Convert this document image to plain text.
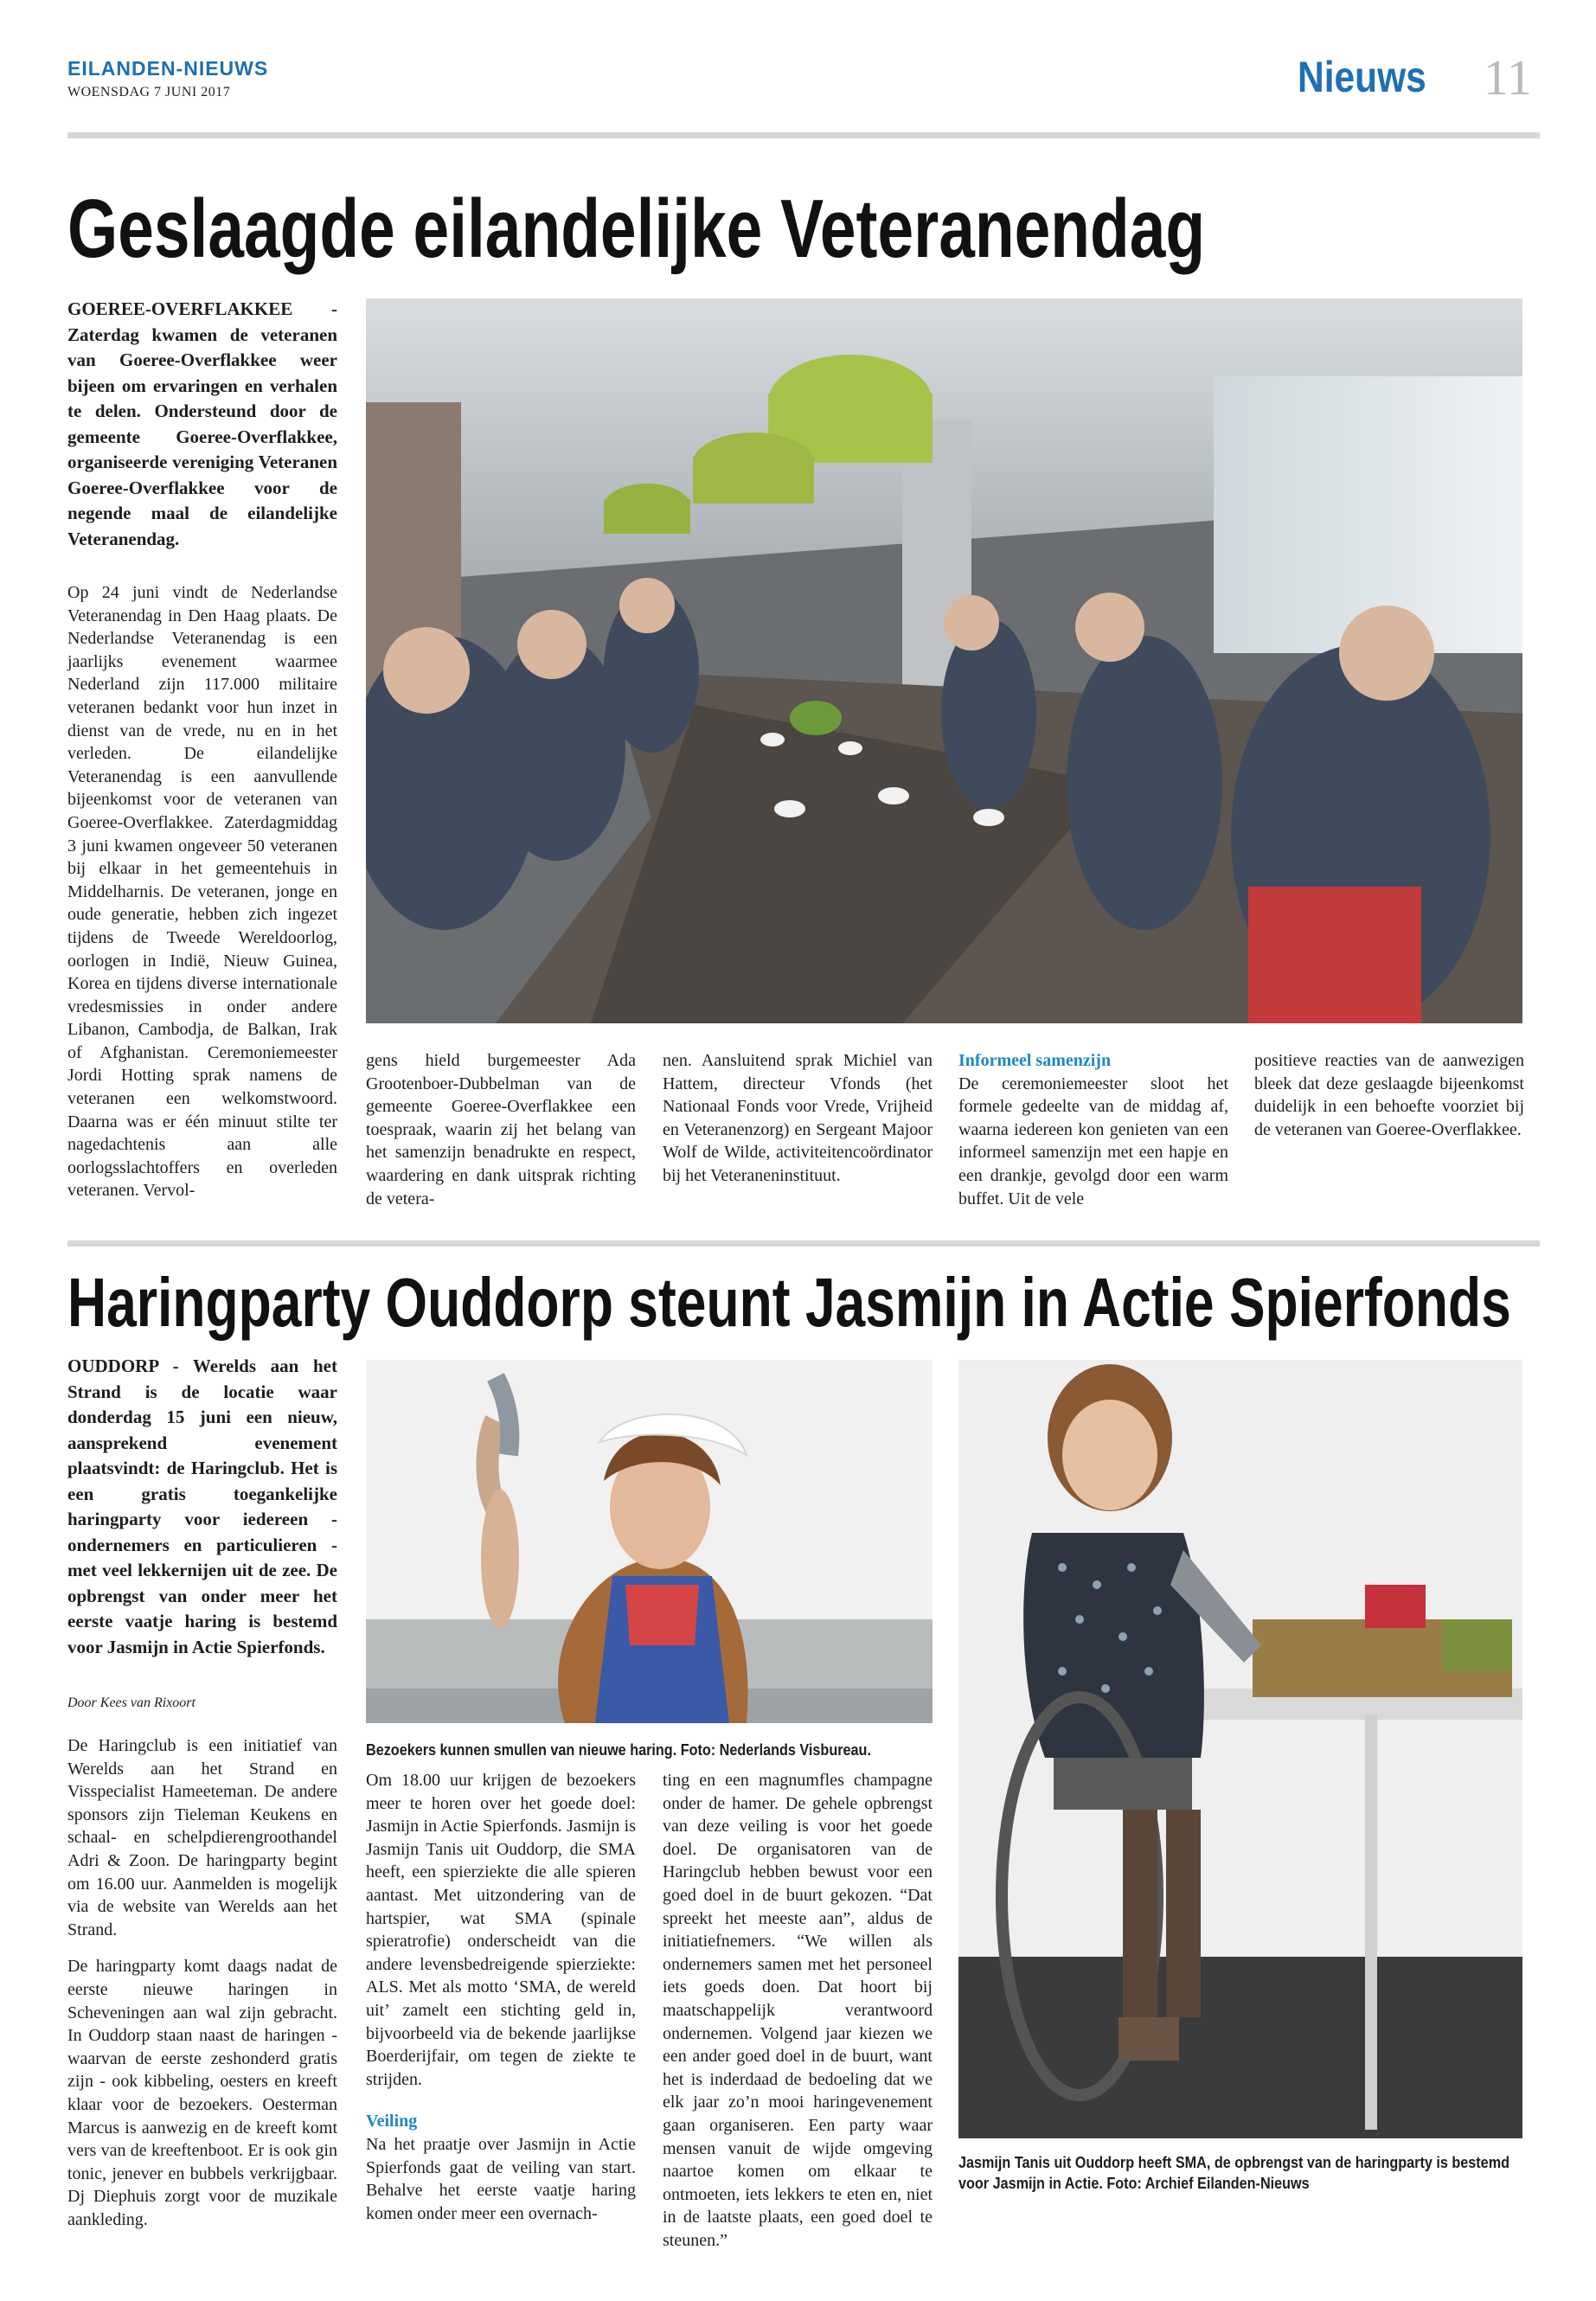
EILANDEN-NIEUWS
WOENSDAG 7 JUNI 2017	Nieuws 11
Geslaagde eilandelijke Veteranendag
GOEREE-OVERFLAKKEE - Zaterdag kwamen de veteranen van Goeree-Overflakkee weer bijeen om ervaringen en verhalen te delen. Ondersteund door de gemeente Goeree-Overflakkee, organiseerde vereniging Veteranen Goeree-Overflakkee voor de negende maal de eilandelijke Veteranendag.

Op 24 juni vindt de Nederlandse Veteranendag in Den Haag plaats. De Nederlandse Veteranendag is een jaarlijks evenement waarmee Nederland zijn 117.000 militaire veteranen bedankt voor hun inzet in dienst van de vrede, nu en in het verleden. De eilandelijke Veteranendag is een aanvullende bijeenkomst voor de veteranen van Goeree-Overflakkee. Zaterdagmiddag 3 juni kwamen ongeveer 50 veteranen bij elkaar in het gemeentehuis in Middelharnis. De veteranen, jonge en oude generatie, hebben zich ingezet tijdens de Tweede Wereldoorlog, oorlogen in Indië, Nieuw Guinea, Korea en tijdens diverse internationale vredesmissies in onder andere Libanon, Cambodja, de Balkan, Irak of Afghanistan. Ceremoniemeester Jordi Hotting sprak namens de veteranen een welkomstwoord. Daarna was er één minuut stilte ter nagedachtenis aan alle oorlogsslachtoffers en overleden veteranen. Vervol-

gens hield burgemeester Ada Grootenboer-Dubbelman van de gemeente Goeree-Overflakkee een toespraak, waarin zij het belang van het samenzijn benadrukte en respect, waardering en dank uitsprak richting de vetera-

nen. Aansluitend sprak Michiel van Hattem, directeur Vfonds (het Nationaal Fonds voor Vrede, Vrijheid en Veteranenzorg) en Sergeant Majoor Wolf de Wilde, activiteitencoördinator bij het Veteraneninstituut.

Informeel samenzijn
De ceremoniemeester sloot het formele gedeelte van de middag af, waarna iedereen kon genieten van een informeel samenzijn met een hapje en een drankje, gevolgd door een warm buffet. Uit de vele

positieve reacties van de aanwezigen bleek dat deze geslaagde bijeenkomst duidelijk in een behoefte voorziet bij de veteranen van Goeree-Overflakkee.

Haringparty Ouddorp steunt Jasmijn in Actie Spierfonds
OUDDORP - Werelds aan het Strand is de locatie waar donderdag 15 juni een nieuw, aansprekend evenement plaatsvindt: de Haringclub. Het is een gratis toegankelijke haringparty voor iedereen - ondernemers en particulieren - met veel lekkernijen uit de zee. De opbrengst van onder meer het eerste vaatje haring is bestemd voor Jasmijn in Actie Spierfonds.
Door Kees van Rixoort
Bezoekers kunnen smullen van nieuwe haring. Foto: Nederlands Visbureau.
Jasmijn Tanis uit Ouddorp heeft SMA, de opbrengst van de haringparty is bestemd voor Jasmijn in Actie. Foto: Archief Eilanden-Nieuws

De Haringclub is een initiatief van Werelds aan het Strand en Visspecialist Hameeteman. De andere sponsors zijn Tieleman Keukens en schaal- en schelpdierengroothandel Adri & Zoon. De haringparty begint om 16.00 uur. Aanmelden is mogelijk via de website van Werelds aan het Strand.

De haringparty komt daags nadat de eerste nieuwe haringen in Scheveningen aan wal zijn gebracht. In Ouddorp staan naast de haringen - waarvan de eerste zeshonderd gratis zijn - ook kibbeling, oesters en kreeft klaar voor de bezoekers. Oesterman Marcus is aanwezig en de kreeft komt vers van de kreeftenboot. Er is ook gin tonic, jenever en bubbels verkrijgbaar. Dj Diephuis zorgt voor de muzikale aankleding.

Om 18.00 uur krijgen de bezoekers meer te horen over het goede doel: Jasmijn in Actie Spierfonds. Jasmijn is Jasmijn Tanis uit Ouddorp, die SMA heeft, een spierziekte die alle spieren aantast. Met uitzondering van de hartspier, wat SMA (spinale spieratrofie) onderscheidt van die andere levensbedreigende spierziekte: ALS. Met als motto ‘SMA, de wereld uit’ zamelt een stichting geld in, bijvoorbeeld via de bekende jaarlijkse Boerderijfair, om tegen de ziekte te strijden.
Veiling
Na het praatje over Jasmijn in Actie Spierfonds gaat de veiling van start. Behalve het eerste vaatje haring komen onder meer een overnach-

ting en een magnumfles champagne onder de hamer. De gehele opbrengst van deze veiling is voor het goede doel. De organisatoren van de Haringclub hebben bewust voor een goed doel in de buurt gekozen. “Dat spreekt het meeste aan”, aldus de initiatiefnemers. “We willen als ondernemers samen met het personeel iets goeds doen. Dat hoort bij maatschappelijk verantwoord ondernemen. Volgend jaar kiezen we een ander goed doel in de buurt, want het is inderdaad de bedoeling dat we elk jaar zo’n mooi haringevenement gaan organiseren. Een party waar mensen vanuit de wijde omgeving naartoe komen om elkaar te ontmoeten, iets lekkers te eten en, niet in de laatste plaats, een goed doel te steunen.”
